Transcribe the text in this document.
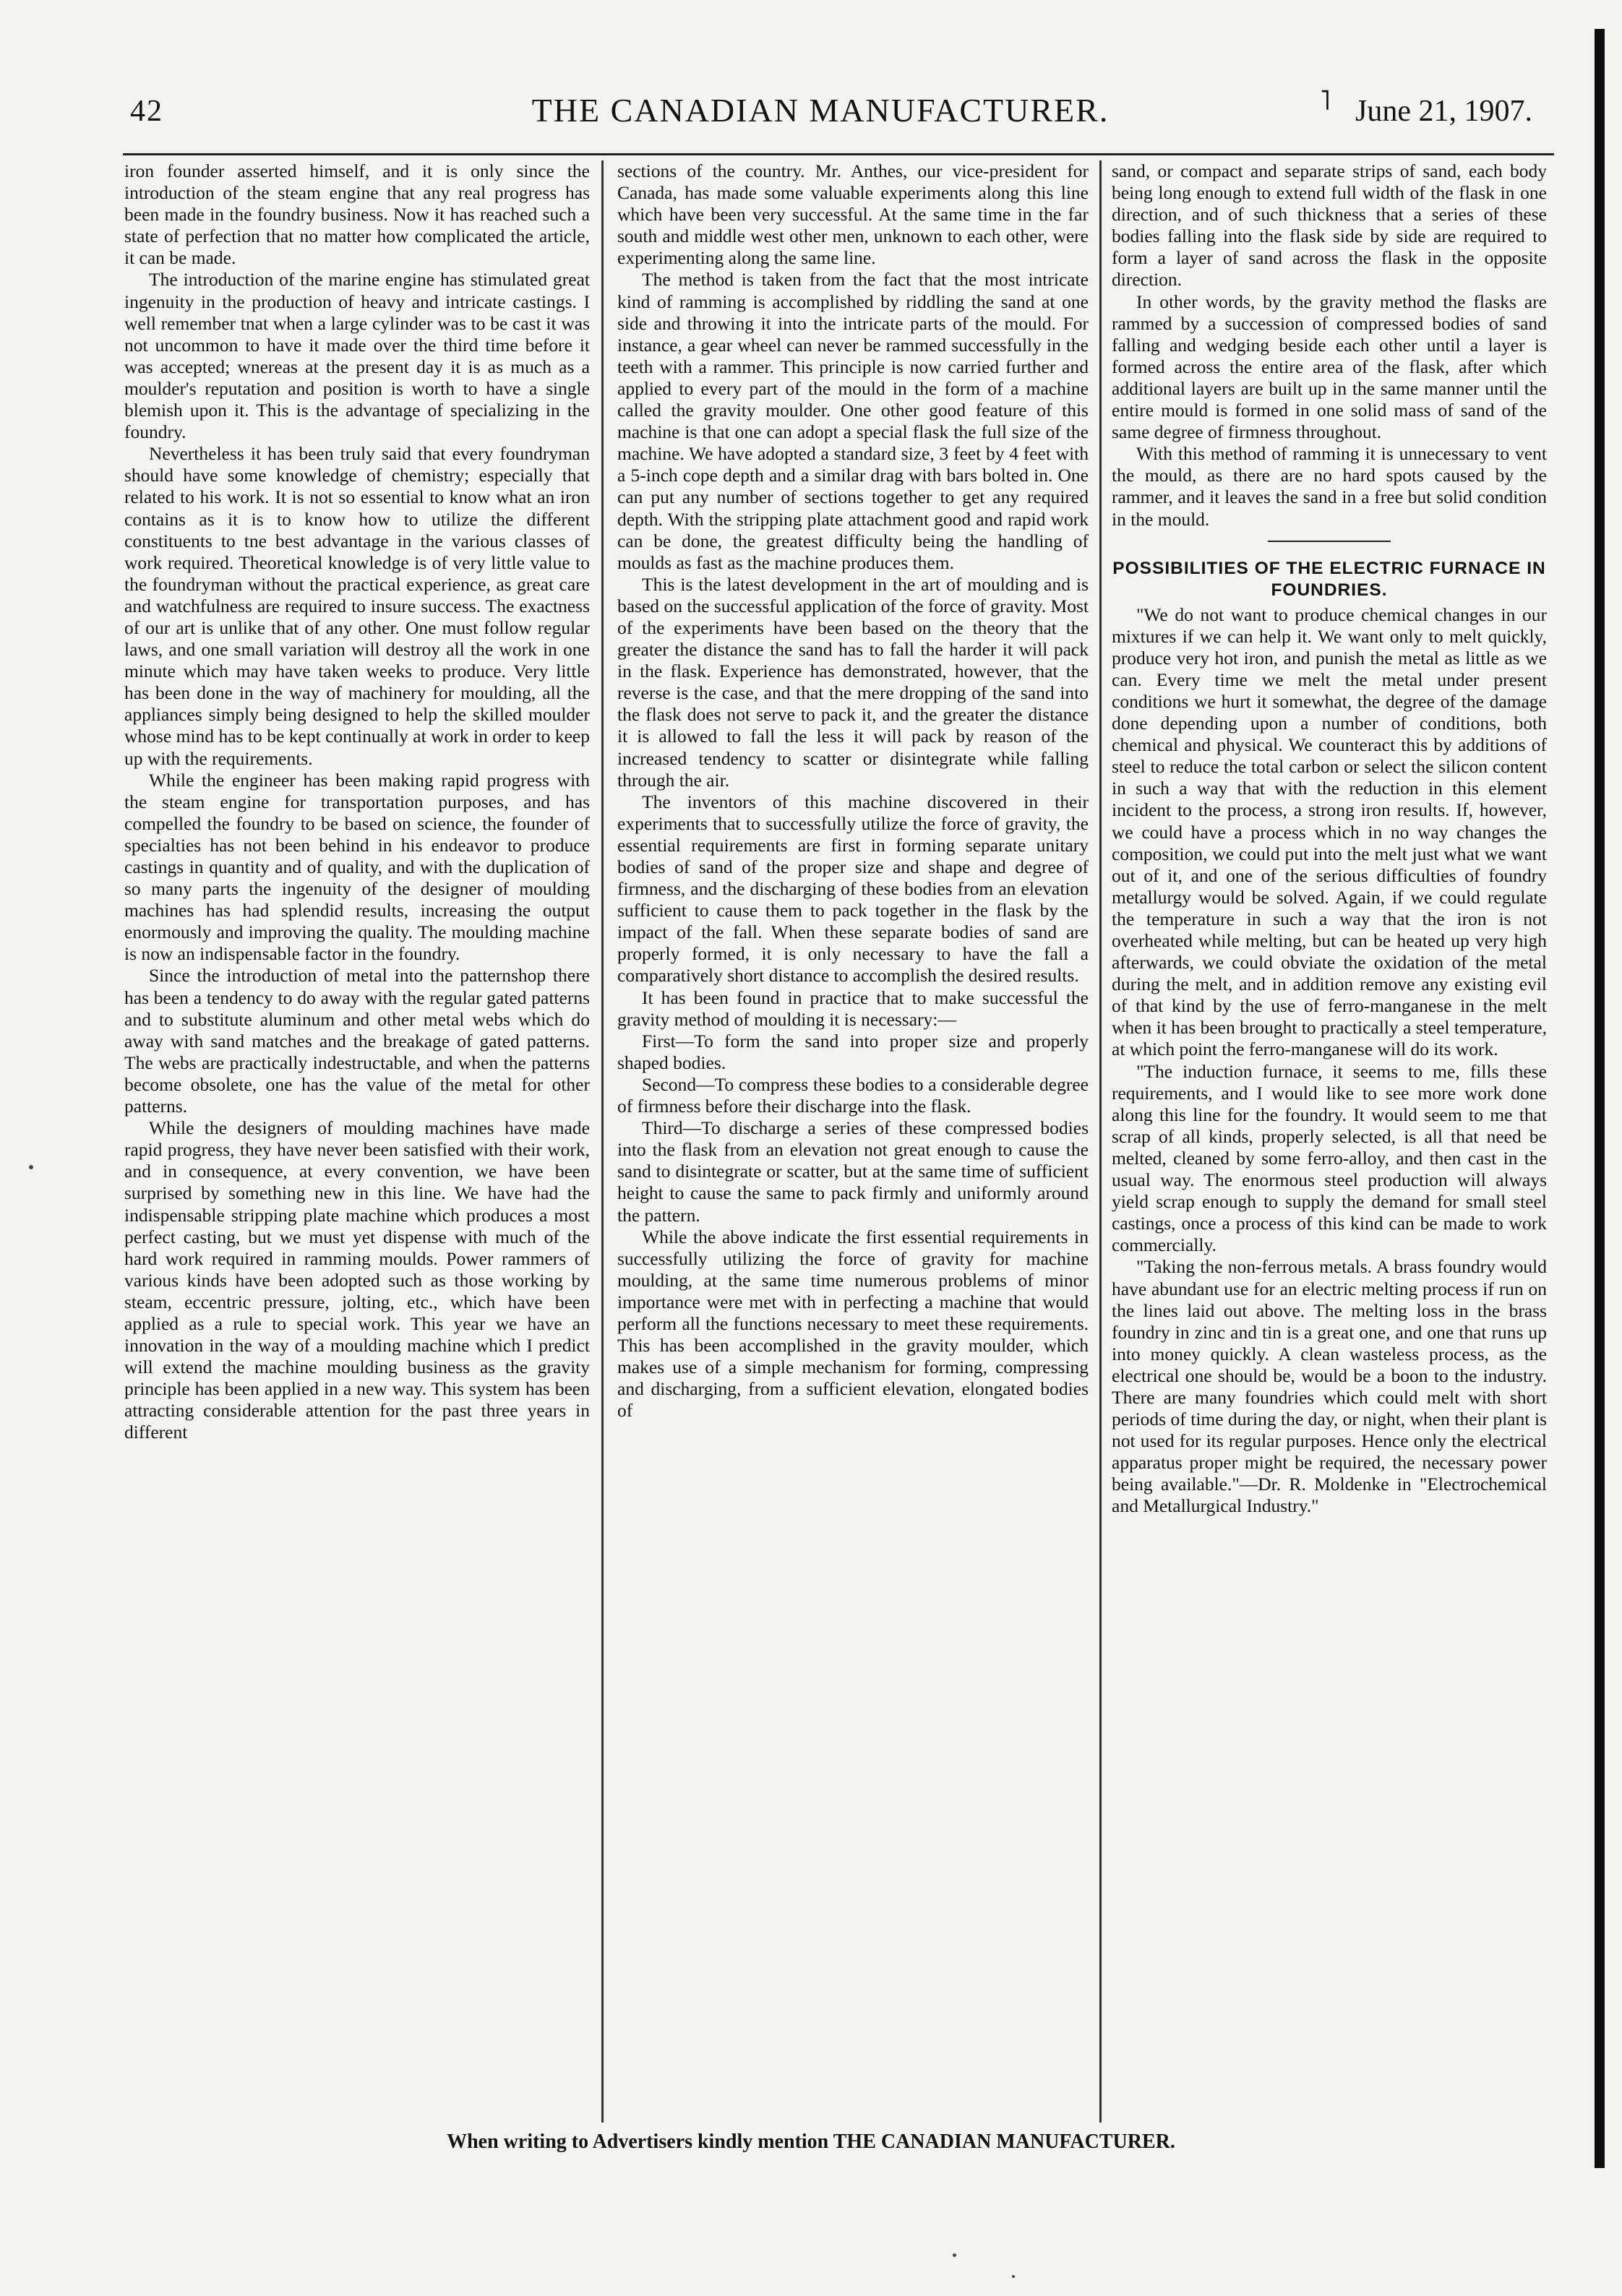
42	THE CANADIAN MANUFACTURER.	˥ June 21, 1907.

iron founder asserted himself, and it is only since the introduction of the steam engine that any real progress has been made in the foundry business. Now it has reached such a state of perfection that no matter how complicated the article, it can be made.

The introduction of the marine engine has stimulated great ingenuity in the production of heavy and intricate castings. I well remember tnat when a large cylinder was to be cast it was not uncommon to have it made over the third time before it was accepted; wnereas at the present day it is as much as a moulder's reputation and position is worth to have a single blemish upon it. This is the advantage of specializing in the foundry.

Nevertheless it has been truly said that every foundryman should have some knowledge of chemistry; especially that related to his work. It is not so essential to know what an iron contains as it is to know how to utilize the different constituents to tne best advantage in the various classes of work required. Theoretical knowledge is of very little value to the foundryman without the practical experience, as great care and watchfulness are required to insure success. The exactness of our art is unlike that of any other. One must follow regular laws, and one small variation will destroy all the work in one minute which may have taken weeks to produce. Very little has been done in the way of machinery for moulding, all the appliances simply being designed to help the skilled moulder whose mind has to be kept continually at work in order to keep up with the requirements.

While the engineer has been making rapid progress with the steam engine for transportation purposes, and has compelled the foundry to be based on science, the founder of specialties has not been behind in his endeavor to produce castings in quantity and of quality, and with the duplication of so many parts the ingenuity of the designer of moulding machines has had splendid results, increasing the output enormously and improving the quality. The moulding machine is now an indispensable factor in the foundry.

Since the introduction of metal into the patternshop there has been a tendency to do away with the regular gated patterns and to substitute aluminum and other metal webs which do away with sand matches and the breakage of gated patterns. The webs are practically indestructable, and when the patterns become obsolete, one has the value of the metal for other patterns.

While the designers of moulding machines have made rapid progress, they have never been satisfied with their work, and in consequence, at every convention, we have been surprised by something new in this line. We have had the indispensable stripping plate machine which produces a most perfect casting, but we must yet dispense with much of the hard work required in ramming moulds. Power rammers of various kinds have been adopted such as those working by steam, eccentric pressure, jolting, etc., which have been applied as a rule to special work. This year we have an innovation in the way of a moulding machine which I predict will extend the machine moulding business as the gravity principle has been applied in a new way. This system has been attracting considerable attention for the past three years in different

sections of the country. Mr. Anthes, our vice-president for Canada, has made some valuable experiments along this line which have been very successful. At the same time in the far south and middle west other men, unknown to each other, were experimenting along the same line.

The method is taken from the fact that the most intricate kind of ramming is accomplished by riddling the sand at one side and throwing it into the intricate parts of the mould. For instance, a gear wheel can never be rammed successfully in the teeth with a rammer. This principle is now carried further and applied to every part of the mould in the form of a machine called the gravity moulder. One other good feature of this machine is that one can adopt a special flask the full size of the machine. We have adopted a standard size, 3 feet by 4 feet with a 5-inch cope depth and a similar drag with bars bolted in. One can put any number of sections together to get any required depth. With the stripping plate attachment good and rapid work can be done, the greatest difficulty being the handling of moulds as fast as the machine produces them.

This is the latest development in the art of moulding and is based on the successful application of the force of gravity. Most of the experiments have been based on the theory that the greater the distance the sand has to fall the harder it will pack in the flask. Experience has demonstrated, however, that the reverse is the case, and that the mere dropping of the sand into the flask does not serve to pack it, and the greater the distance it is allowed to fall the less it will pack by reason of the increased tendency to scatter or disintegrate while falling through the air.

The inventors of this machine discovered in their experiments that to successfully utilize the force of gravity, the essential requirements are first in forming separate unitary bodies of sand of the proper size and shape and degree of firmness, and the discharging of these bodies from an elevation sufficient to cause them to pack together in the flask by the impact of the fall. When these separate bodies of sand are properly formed, it is only necessary to have the fall a comparatively short distance to accomplish the desired results.

It has been found in practice that to make successful the gravity method of moulding it is necessary:—

First—To form the sand into proper size and properly shaped bodies.

Second—To compress these bodies to a considerable degree of firmness before their discharge into the flask.

Third—To discharge a series of these compressed bodies into the flask from an elevation not great enough to cause the sand to disintegrate or scatter, but at the same time of sufficient height to cause the same to pack firmly and uniformly around the pattern.

While the above indicate the first essential requirements in successfully utilizing the force of gravity for machine moulding, at the same time numerous problems of minor importance were met with in perfecting a machine that would perform all the functions necessary to meet these requirements. This has been accomplished in the gravity moulder, which makes use of a simple mechanism for forming, compressing and discharging, from a sufficient elevation, elongated bodies of

sand, or compact and separate strips of sand, each body being long enough to extend full width of the flask in one direction, and of such thickness that a series of these bodies falling into the flask side by side are required to form a layer of sand across the flask in the opposite direction.

In other words, by the gravity method the flasks are rammed by a succession of compressed bodies of sand falling and wedging beside each other until a layer is formed across the entire area of the flask, after which additional layers are built up in the same manner until the entire mould is formed in one solid mass of sand of the same degree of firmness throughout.

With this method of ramming it is unnecessary to vent the mould, as there are no hard spots caused by the rammer, and it leaves the sand in a free but solid condition in the mould.

POSSIBILITIES OF THE ELECTRIC FURNACE IN FOUNDRIES.

"We do not want to produce chemical changes in our mixtures if we can help it. We want only to melt quickly, produce very hot iron, and punish the metal as little as we can. Every time we melt the metal under present conditions we hurt it somewhat, the degree of the damage done depending upon a number of conditions, both chemical and physical. We counteract this by additions of steel to reduce the total carbon or select the silicon content in such a way that with the reduction in this element incident to the process, a strong iron results. If, however, we could have a process which in no way changes the composition, we could put into the melt just what we want out of it, and one of the serious difficulties of foundry metallurgy would be solved. Again, if we could regulate the temperature in such a way that the iron is not overheated while melting, but can be heated up very high afterwards, we could obviate the oxidation of the metal during the melt, and in addition remove any existing evil of that kind by the use of ferro-manganese in the melt when it has been brought to practically a steel temperature, at which point the ferro-manganese will do its work.

"The induction furnace, it seems to me, fills these requirements, and I would like to see more work done along this line for the foundry. It would seem to me that scrap of all kinds, properly selected, is all that need be melted, cleaned by some ferro-alloy, and then cast in the usual way. The enormous steel production will always yield scrap enough to supply the demand for small steel castings, once a process of this kind can be made to work commercially.

"Taking the non-ferrous metals. A brass foundry would have abundant use for an electric melting process if run on the lines laid out above. The melting loss in the brass foundry in zinc and tin is a great one, and one that runs up into money quickly. A clean wasteless process, as the electrical one should be, would be a boon to the industry. There are many foundries which could melt with short periods of time during the day, or night, when their plant is not used for its regular purposes. Hence only the electrical apparatus proper might be required, the necessary power being available."—Dr. R. Moldenke in "Electrochemical and Metallurgical Industry."

When writing to Advertisers kindly mention THE CANADIAN MANUFACTURER.
